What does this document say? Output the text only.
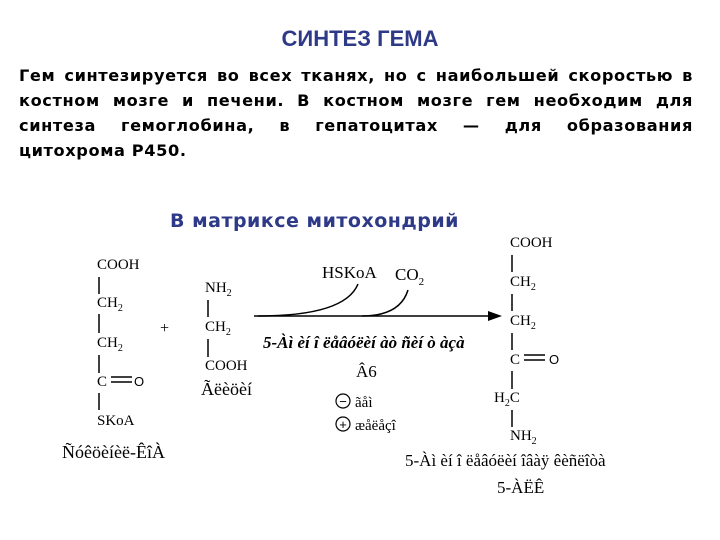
СИНТЕЗ ГЕМА
Гем синтезируется во всех тканях, но с наибольшей скоростью в костном мозге и печени. В костном мозге гем необходим для синтеза гемоглобина, в гепатоцитах — для образования цитохрома Р450.
В матриксе митохондрий
COOH
$CH_2$
$CH_2$
C O
SKoA
Ñóêöèíèë-ÊîÀ
+
$NH_2$
$CH_2$
COOH
Ãëèöèí
HSKoA $CO_2$
5-Àì èí î ëåâóëèí àò ñèí ò àçà
Â6
− ãåì
+ æåëåçî
COOH
$CH_2$
$CH_2$
C O
$H_2C$
$NH_2$
5-Àì èí î ëåâóëèí îâàÿ êèñëîòà
5-ÀËÊ
